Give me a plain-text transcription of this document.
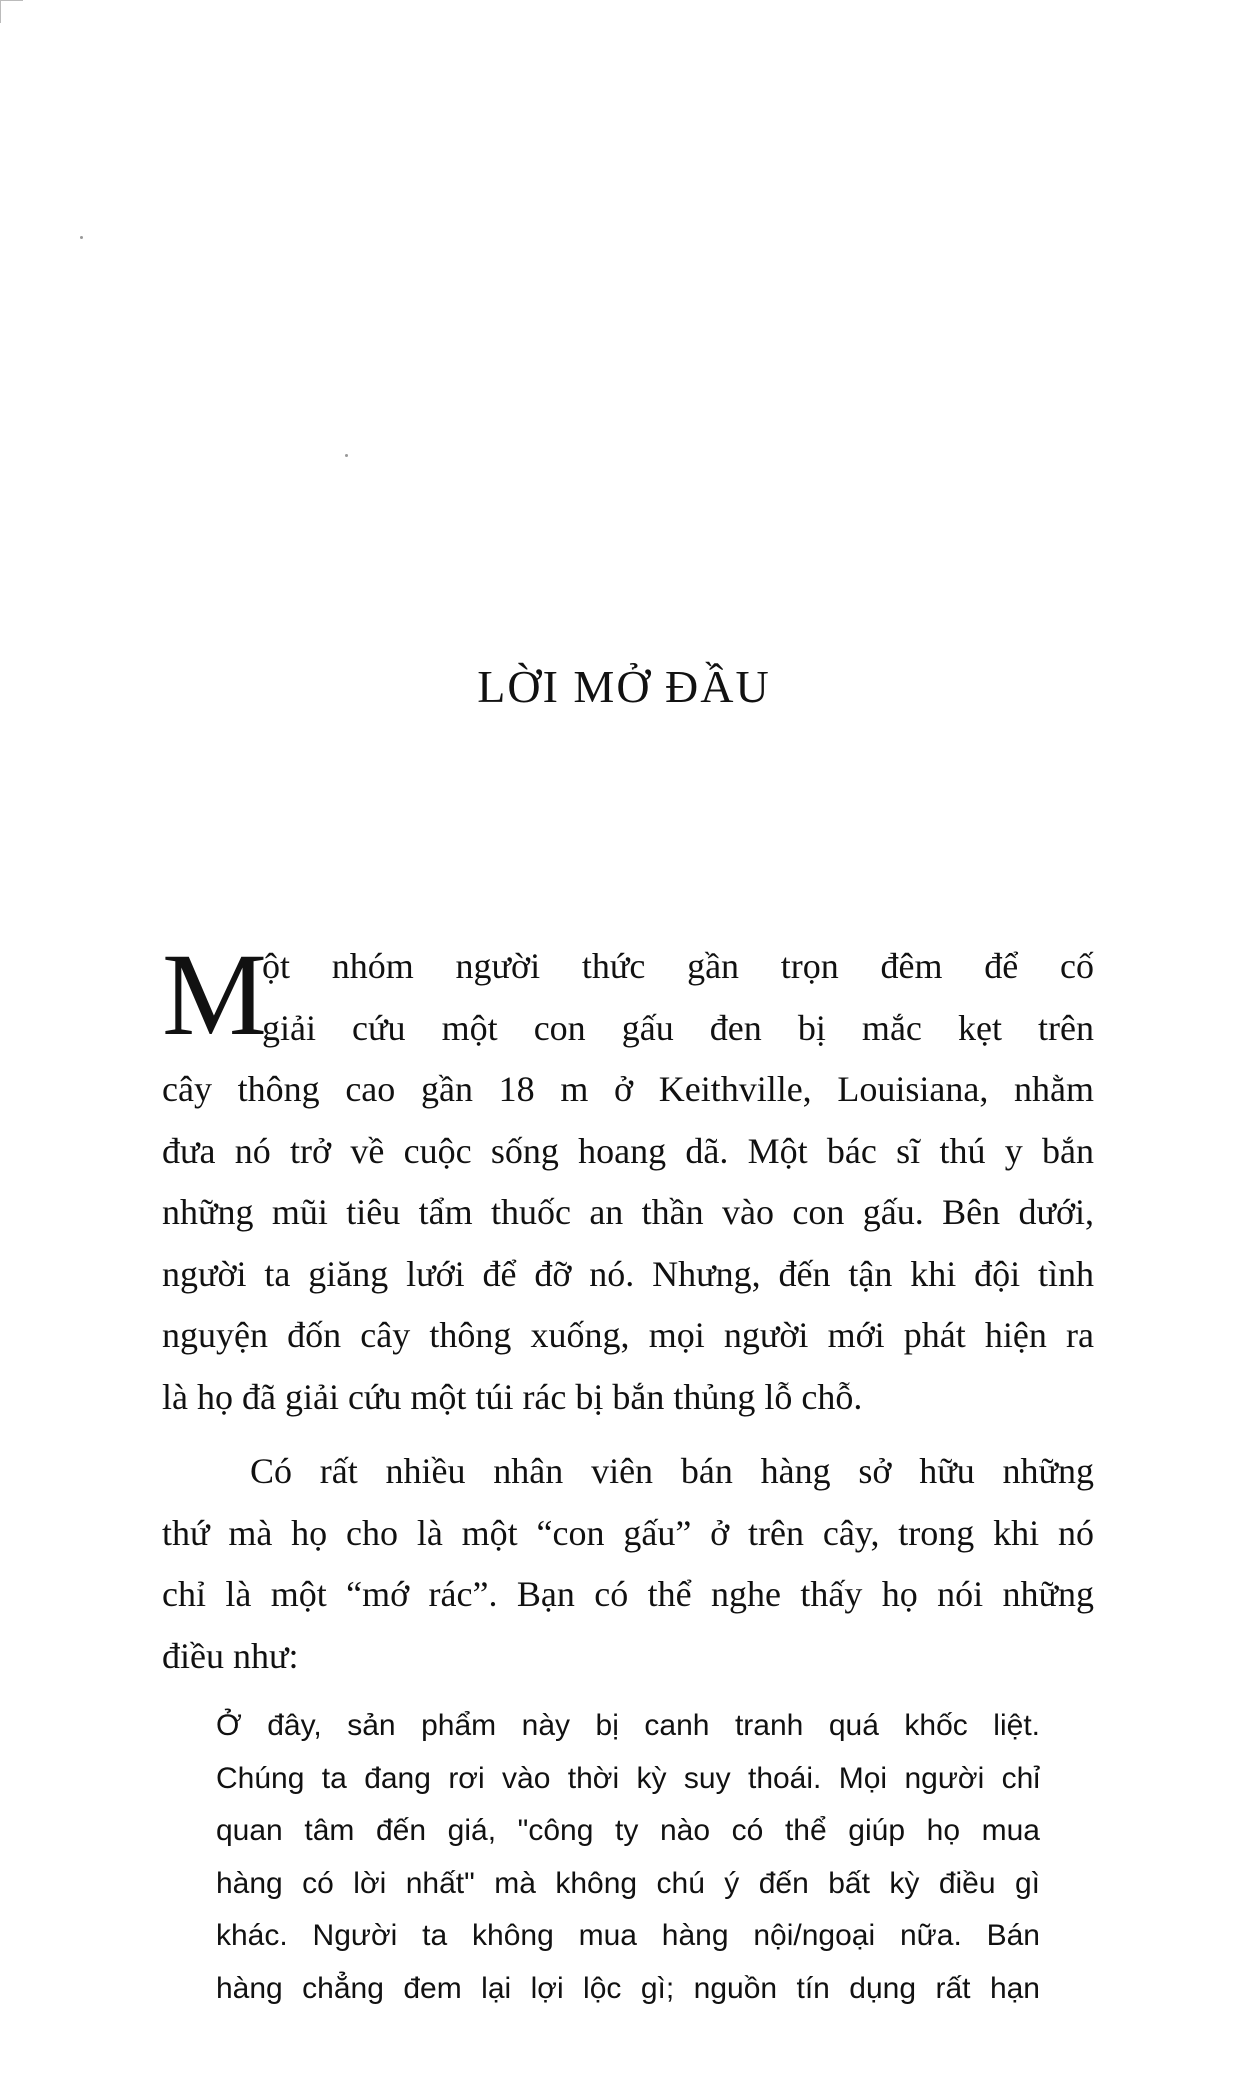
LỜI MỞ ĐẦU
M
ột nhóm người thức gần trọn đêm để cố
giải cứu một con gấu đen bị mắc kẹt trên
cây thông cao gần 18 m ở Keithville, Louisiana, nhằm
đưa nó trở về cuộc sống hoang dã. Một bác sĩ thú y bắn
những mũi tiêu tẩm thuốc an thần vào con gấu. Bên dưới,
người ta giăng lưới để đỡ nó. Nhưng, đến tận khi đội tình
nguyện đốn cây thông xuống, mọi người mới phát hiện ra
là họ đã giải cứu một túi rác bị bắn thủng lỗ chỗ.
Có rất nhiều nhân viên bán hàng sở hữu những
thứ mà họ cho là một “con gấu” ở trên cây, trong khi nó
chỉ là một “mớ rác”. Bạn có thể nghe thấy họ nói những
điều như:
Ở đây, sản phẩm này bị canh tranh quá khốc liệt.
Chúng ta đang rơi vào thời kỳ suy thoái. Mọi người chỉ
quan tâm đến giá, "công ty nào có thể giúp họ mua
hàng có lời nhất" mà không chú ý đến bất kỳ điều gì
khác. Người ta không mua hàng nội/ngoại nữa. Bán
hàng chẳng đem lại lợi lộc gì; nguồn tín dụng rất hạn
